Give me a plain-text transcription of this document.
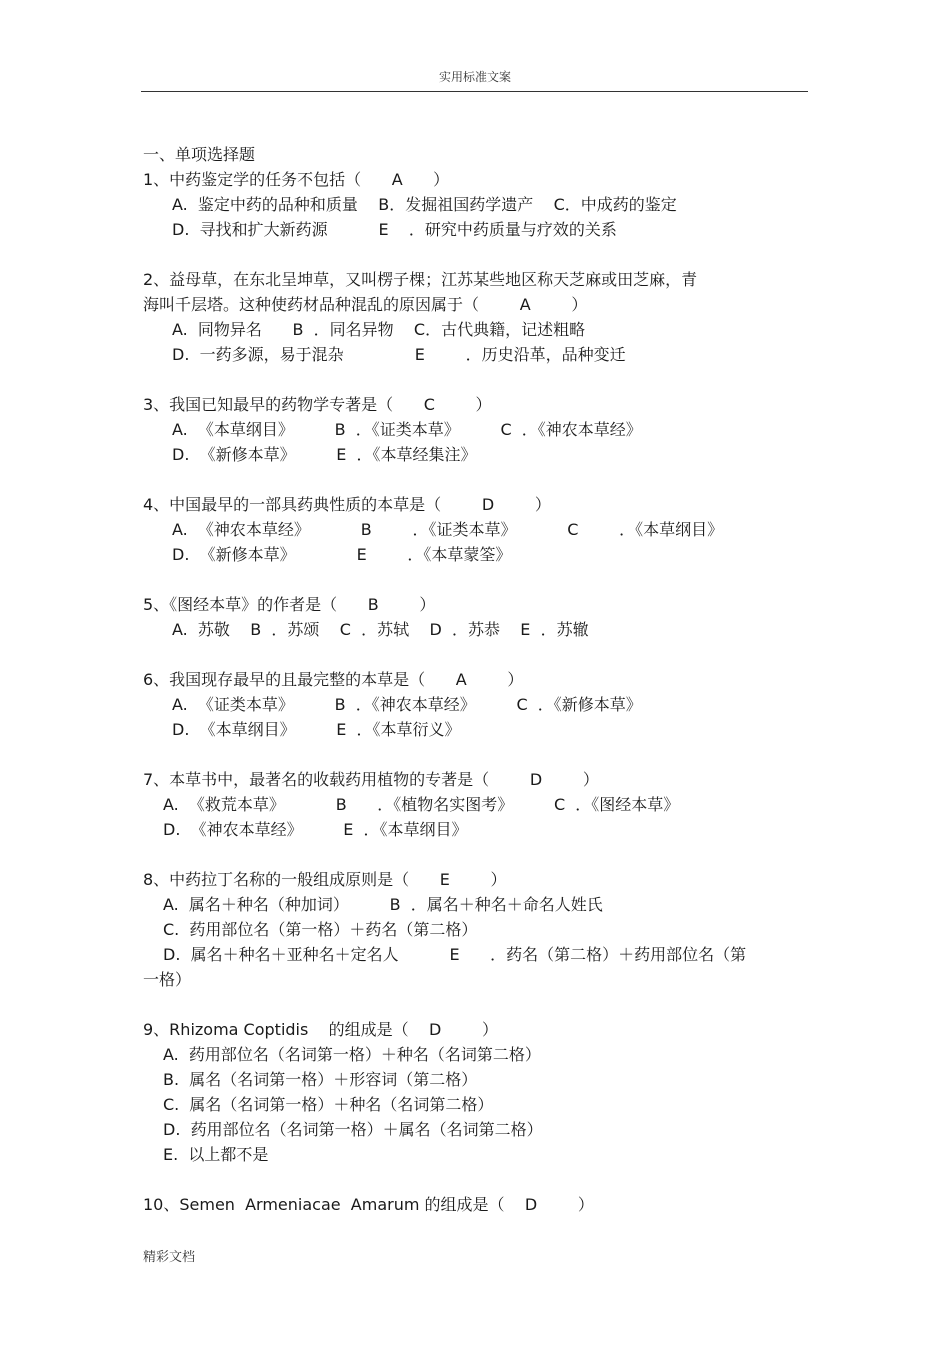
实用标准文案
一、单项选择题
1、中药鉴定学的任务不包括（      A      ）
A.  鉴定中药的品种和质量    B．发掘祖国药学遗产    C．中成药的鉴定
D.  寻找和扩大新药源          E    ．研究中药质量与疗效的关系
2、益母草，在东北呈坤草，又叫楞子棵；江苏某些地区称天芝麻或田芝麻，青
海叫千层塔。这种使药材品种混乱的原因属于（        A        ）
A.  同物异名      B  ．同名异物    C．古代典籍，记述粗略
D.  一药多源，易于混杂              E        ．历史沿革，品种变迁
3、我国已知最早的药物学专著是（      C        ）
A.  《本草纲目》        B  ．《证类本草》        C  ．《神农本草经》
D.  《新修本草》        E  ．《本草经集注》
4、中国最早的一部具药典性质的本草是（        D        ）
A.  《神农本草经》          B        ．《证类本草》          C        ．《本草纲目》
D.  《新修本草》            E        ．《本草蒙筌》
5、《图经本草》的作者是（      B        ）
A.  苏敬    B  ．苏颂    C  ．苏轼    D  ．苏恭    E  ．苏辙
6、我国现存最早的且最完整的本草是（      A        ）
A.  《证类本草》        B  ．《神农本草经》        C  ．《新修本草》
D.  《本草纲目》        E  ．《本草衍义》
7、本草书中，最著名的收载药用植物的专著是（        D        ）
A.  《救荒本草》          B      ．《植物名实图考》        C  ．《图经本草》
D.  《神农本草经》        E  ．《本草纲目》
8、中药拉丁名称的一般组成原则是（      E        ）
A.  属名＋种名（种加词）        B  ．属名＋种名＋命名人姓氏
C.  药用部位名（第一格）＋药名（第二格）
D.  属名＋种名＋亚种名＋定名人          E      ．药名（第二格）＋药用部位名（第
一格）
9、Rhizoma Coptidis    的组成是（    D        ）
A.  药用部位名（名词第一格）＋种名（名词第二格）
B.  属名（名词第一格）＋形容词（第二格）
C.  属名（名词第一格）＋种名（名词第二格）
D.  药用部位名（名词第一格）＋属名（名词第二格）
E.  以上都不是
10、Semen  Armeniacae  Amarum 的组成是（    D        ）
精彩文档
